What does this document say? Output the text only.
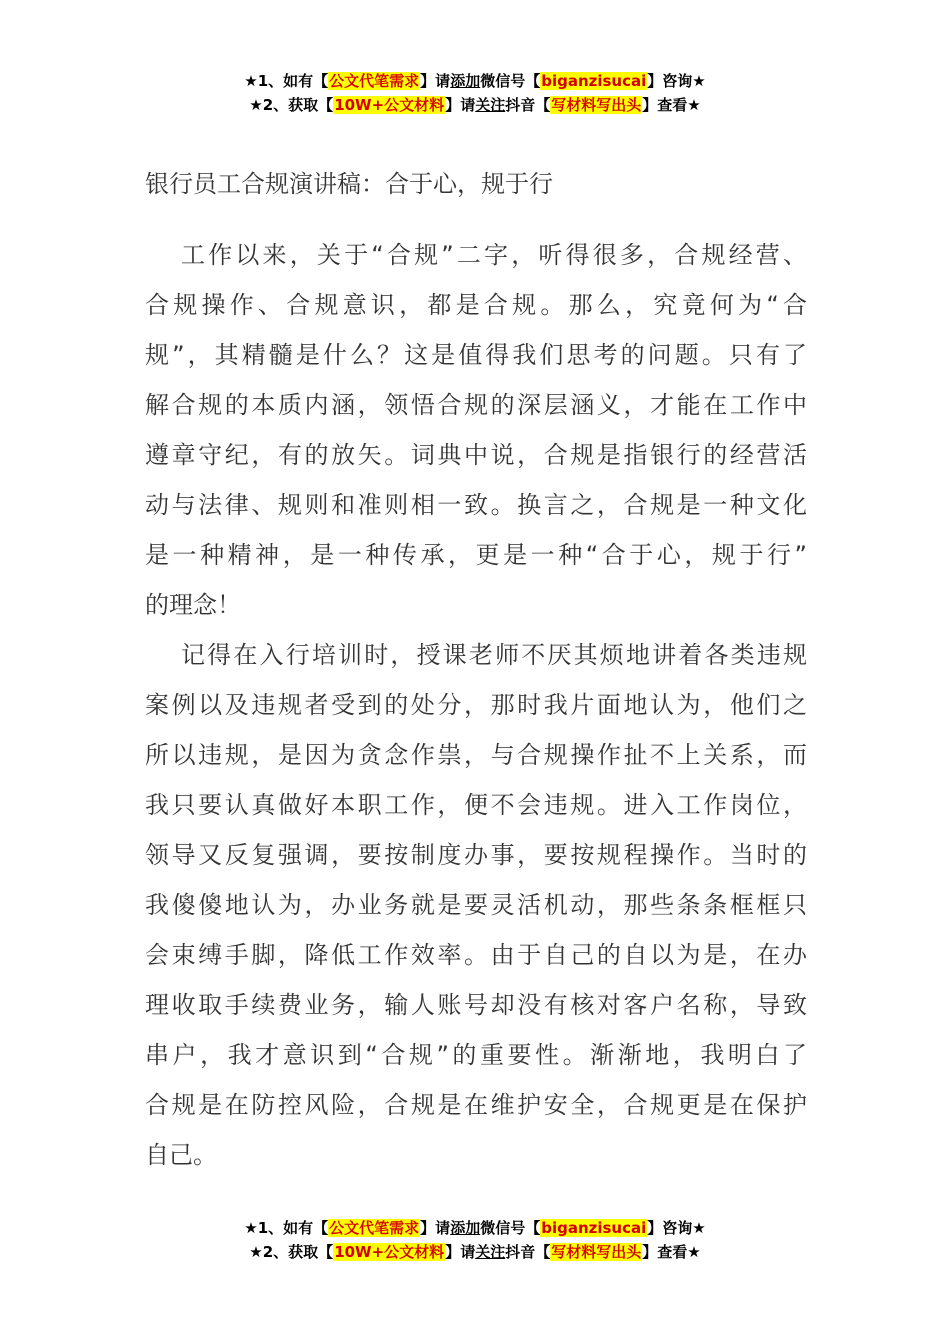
★1、如有【公文代笔需求】请添加微信号【biganzisucai】咨询★
★2、获取【10W+公文材料】请关注抖音【写材料写出头】查看★
银行员工合规演讲稿：合于心，规于行
工作以来，关于“合规”二字，听得很多，合规经营、
合规操作、合规意识，都是合规。那么，究竟何为“合
规”，其精髓是什么？这是值得我们思考的问题。只有了
解合规的本质内涵，领悟合规的深层涵义，才能在工作中
遵章守纪，有的放矢。词典中说，合规是指银行的经营活
动与法律、规则和准则相一致。换言之，合规是一种文化
是一种精神，是一种传承，更是一种“合于心，规于行”
的理念！
记得在入行培训时，授课老师不厌其烦地讲着各类违规
案例以及违规者受到的处分，那时我片面地认为，他们之
所以违规，是因为贪念作祟，与合规操作扯不上关系，而
我只要认真做好本职工作，便不会违规。进入工作岗位，
领导又反复强调，要按制度办事，要按规程操作。当时的
我傻傻地认为，办业务就是要灵活机动，那些条条框框只
会束缚手脚，降低工作效率。由于自己的自以为是，在办
理收取手续费业务，输人账号却没有核对客户名称，导致
串户，我才意识到“合规”的重要性。渐渐地，我明白了
合规是在防控风险，合规是在维护安全，合规更是在保护
自己。
★1、如有【公文代笔需求】请添加微信号【biganzisucai】咨询★
★2、获取【10W+公文材料】请关注抖音【写材料写出头】查看★
